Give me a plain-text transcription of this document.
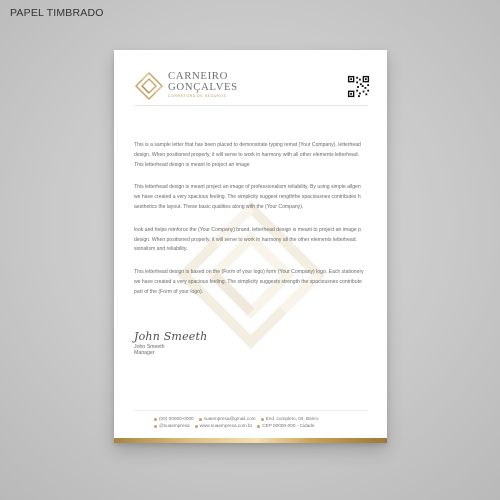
PAPEL TIMBRADO
CARNEIRO
GONÇALVES
CORRETORA DE SEGUROS
This is a sample letter that has been placed to demonstrate typing remat (Your Company). letterhead
design. When positioned properly, it will serve to work in harmony with all other elements letterhead.
This letterhead design is meant to project an image
This letterhead design is meant project an image of professionalism reliability. By using simple allgen
we have created a very spacious feeling. The simplicity suggest rengththe spaciousnes contributes h
aesthetics the layout. These basic qualities along with the (Your Company).
look and helps reinforce the (Your Company) brand. letterhead design is meant to project an image p
design. When positioned properly, it will serve to work in harmony all the other elements letterhead.
sionalism and reliability.
This letterhead design is based on the (Form of your logo) form (Your Company) logo. Each stationery
we have created a very spacious feeling. The simplicity suggests strength the spaciousnes contribute
part of the (Form of your logo).
John Smeeth
John Smeeth
Manager
(00) 00000-0000 suaempresa@gmail.com End. completo, 00, Bairro
@suaempresa www.suaempresa.com.br CEP 00000-000 - Cidade
